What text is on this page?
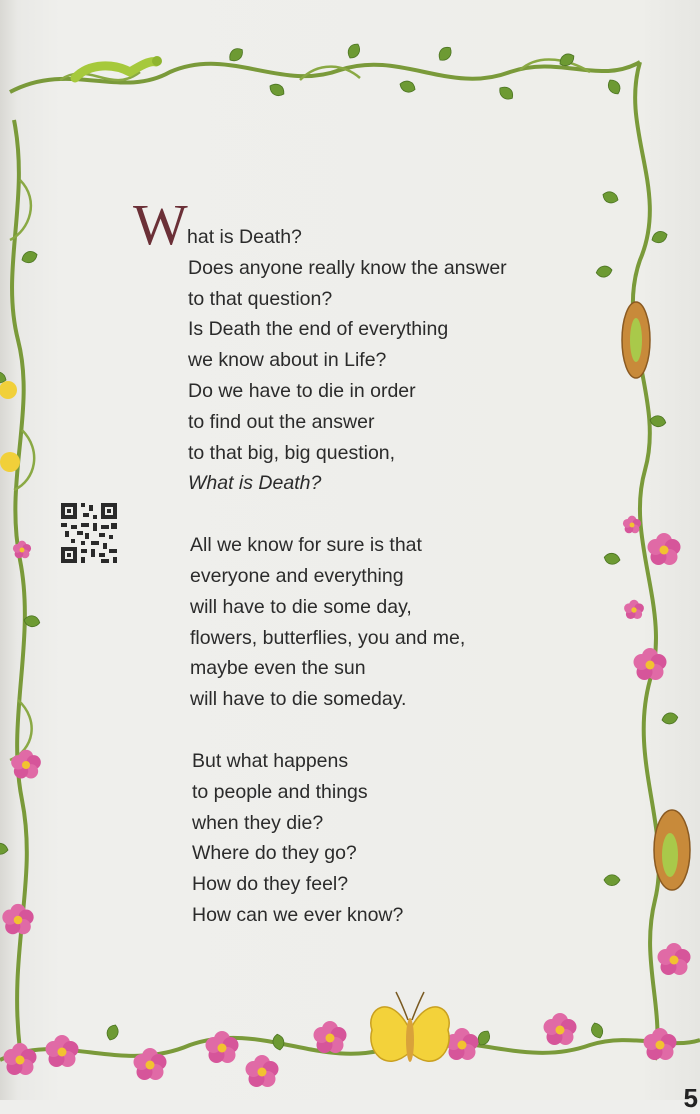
W hat is Death?
Does anyone really know the answer
to that question?
Is Death the end of everything
we know about in Life?
Do we have to die in order
to find out the answer
to that big, big question,
What is Death?
All we know for sure is that
everyone and everything
will have to die some day,
flowers, butterflies, you and me,
maybe even the sun
will have to die someday.
But what happens
to people and things
when they die?
Where do they go?
How do they feel?
How can we ever know?
5
